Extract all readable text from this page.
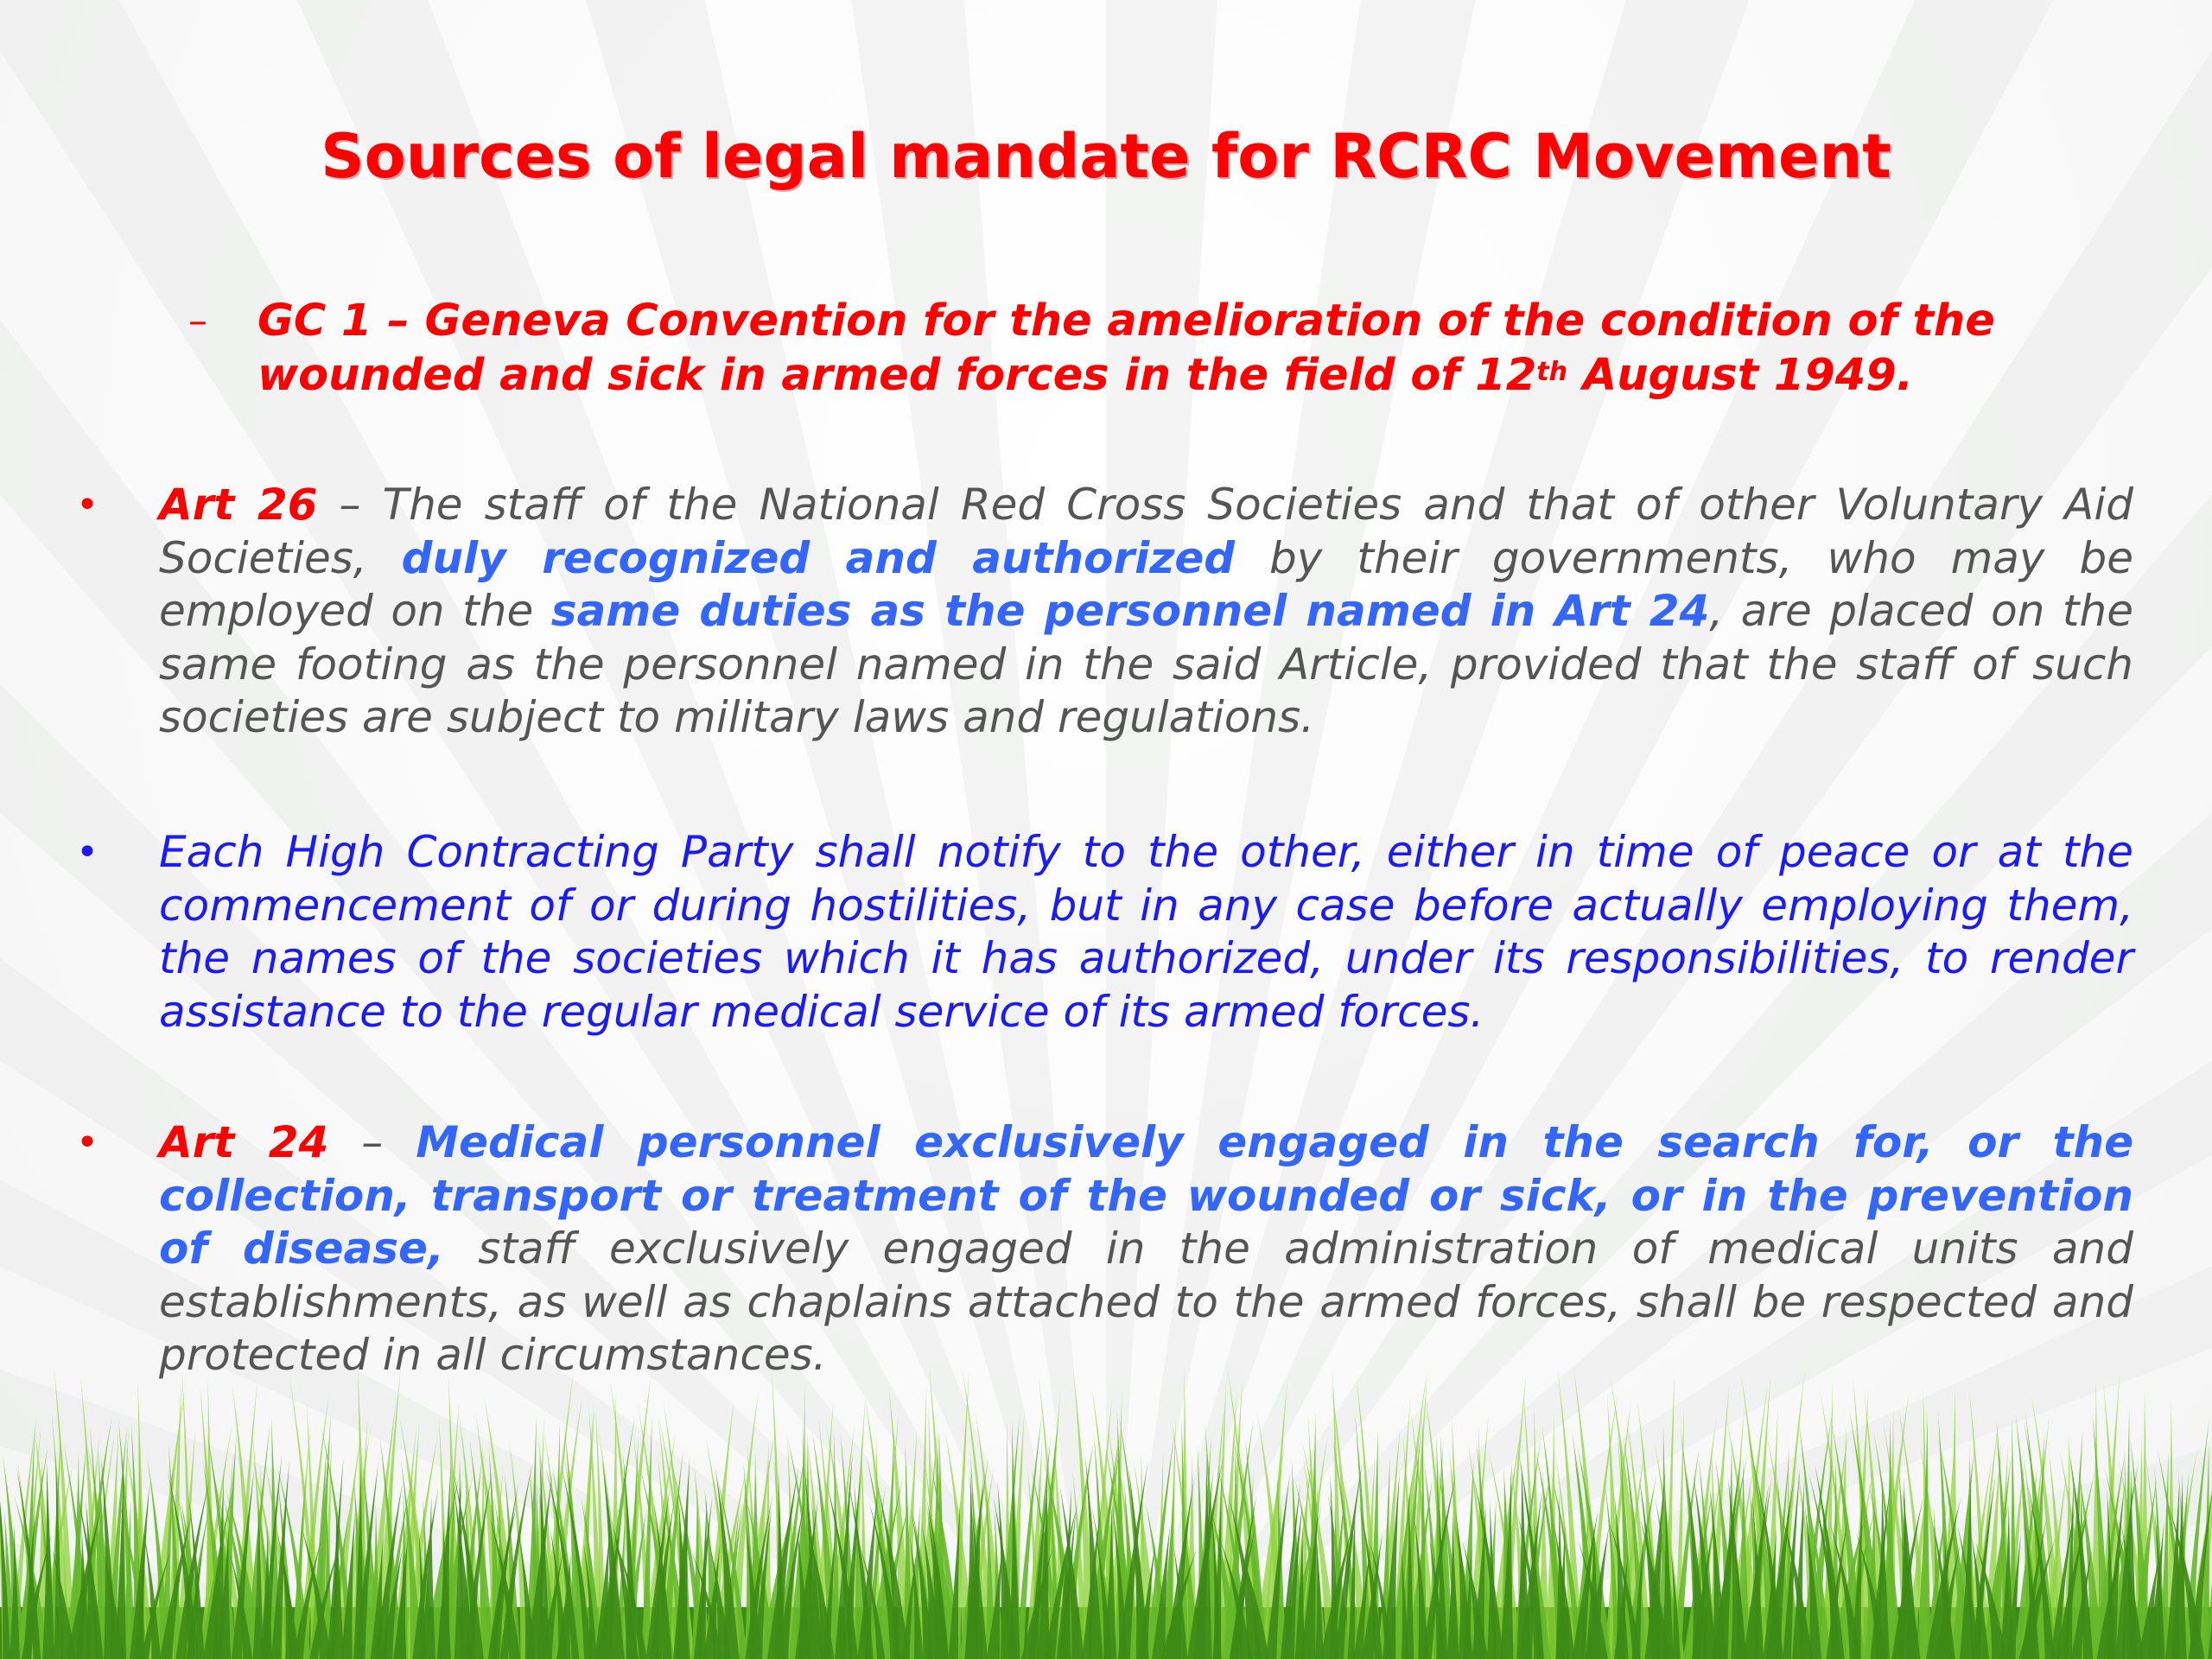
Sources of legal mandate for RCRC Movement
– GC 1 – Geneva Convention for the amelioration of the condition of the wounded and sick in armed forces in the field of 12th August 1949.
• Art 26 – The staff of the National Red Cross Societies and that of other Voluntary Aid Societies, duly recognized and authorized by their governments, who may be employed on the same duties as the personnel named in Art 24, are placed on the same footing as the personnel named in the said Article, provided that the staff of such societies are subject to military laws and regulations.
• Each High Contracting Party shall notify to the other, either in time of peace or at the commencement of or during hostilities, but in any case before actually employing them, the names of the societies which it has authorized, under its responsibilities, to render assistance to the regular medical service of its armed forces.
• Art 24 – Medical personnel exclusively engaged in the search for, or the collection, transport or treatment of the wounded or sick, or in the prevention of disease, staff exclusively engaged in the administration of medical units and establishments, as well as chaplains attached to the armed forces, shall be respected and protected in all circumstances.
